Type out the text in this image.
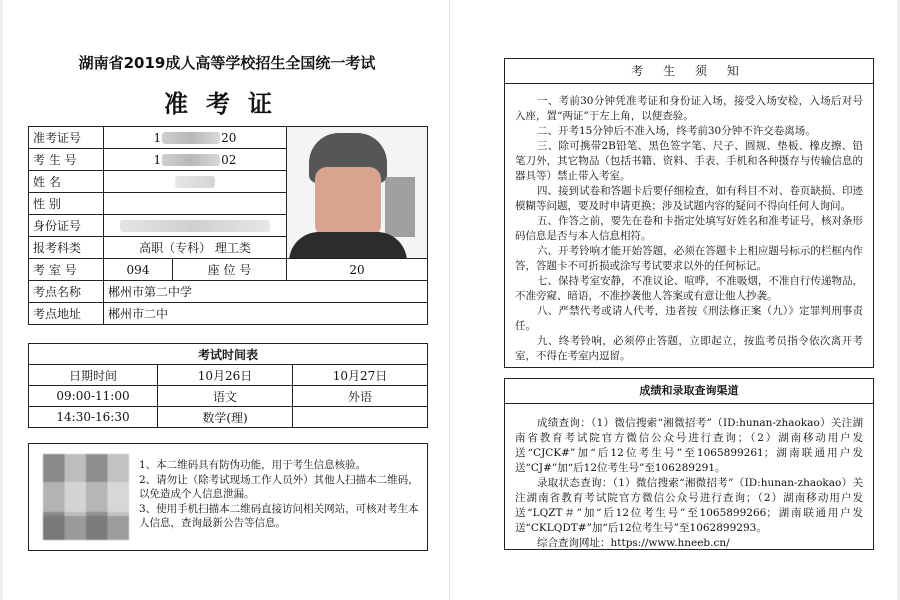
湖南省2019成人高等学校招生全国统一考试
准考证
准考证号	1 20		

考 生 号	1 02		
姓 名			
性 别			
身份证号			
报考科类	高职（专科） 理工类		
考 室 号	094	座 位 号	20
考点名称	郴州市第二中学		
考点地址	郴州市二中		
考试时间表		
日期时间	10月26日	10月27日
09:00-11:00	语文	外语
14:30-16:30	数学(理)	
1、本二维码具有防伪功能，用于考生信息核验。
2、请勿让（除考试现场工作人员外）其他人扫描本二维码，以免造成个人信息泄漏。
3、使用手机扫描本二维码直接访问相关网站，可核对考生本人信息，查询最新公告等信息。
考 生 须 知

一、考前30分钟凭准考证和身份证入场，接受入场安检，入场后对号入座，置“两证”于左上角，以便查验。

二、开考15分钟后不准入场，终考前30分钟不许交卷离场。

三、除可携带2B铅笔、黑色签字笔、尺子、圆规、垫板、橡皮擦、铅笔刀外，其它物品（包括书籍、资料、手表、手机和各种摄存与传输信息的器具等）禁止带入考室。

四、接到试卷和答题卡后要仔细检查，如有科目不对、卷页缺损、印迹模糊等问题，要及时申请更换；涉及试题内容的疑问不得向任何人询问。

五、作答之前，要先在卷和卡指定处填写好姓名和准考证号，核对条形码信息是否与本人信息相符。

六、开考铃响才能开始答题，必须在答题卡上相应题号标示的栏框内作答，答题卡不可折损或涂写考试要求以外的任何标记。

七、保持考室安静，不准议论、喧哗，不准吸烟，不准自行传递物品，不准旁窥、暗语，不准抄袭他人答案或有意让他人抄袭。

八、严禁代考或请人代考，违者按《刑法修正案（九）》定罪判刑事责任。

九、终考铃响，必须停止答题，立即起立，按监考员指令依次离开考室，不得在考室内逗留。

成绩和录取查询渠道

成绩查询：（1）微信搜索“湘微招考”（ID:hunan-zhaokao）关注湖南省教育考试院官方微信公众号进行查询；（2）湖南移动用户发送“CJCK#”加“后12位考生号”至1065899261；湖南联通用户发送“CJ#”加“后12位考生号”至106289291。

录取状态查询：（1）微信搜索“湘微招考”（ID:hunan-zhaokao）关注湖南省教育考试院官方微信公众号进行查询；（2）湖南移动用户发送“LQZT＃”加“后12位考生号”至1065899266；湖南联通用户发送“CKLQDT#”加“后12位考生号”至1062899293。

综合查询网址：https://www.hneeb.cn/
